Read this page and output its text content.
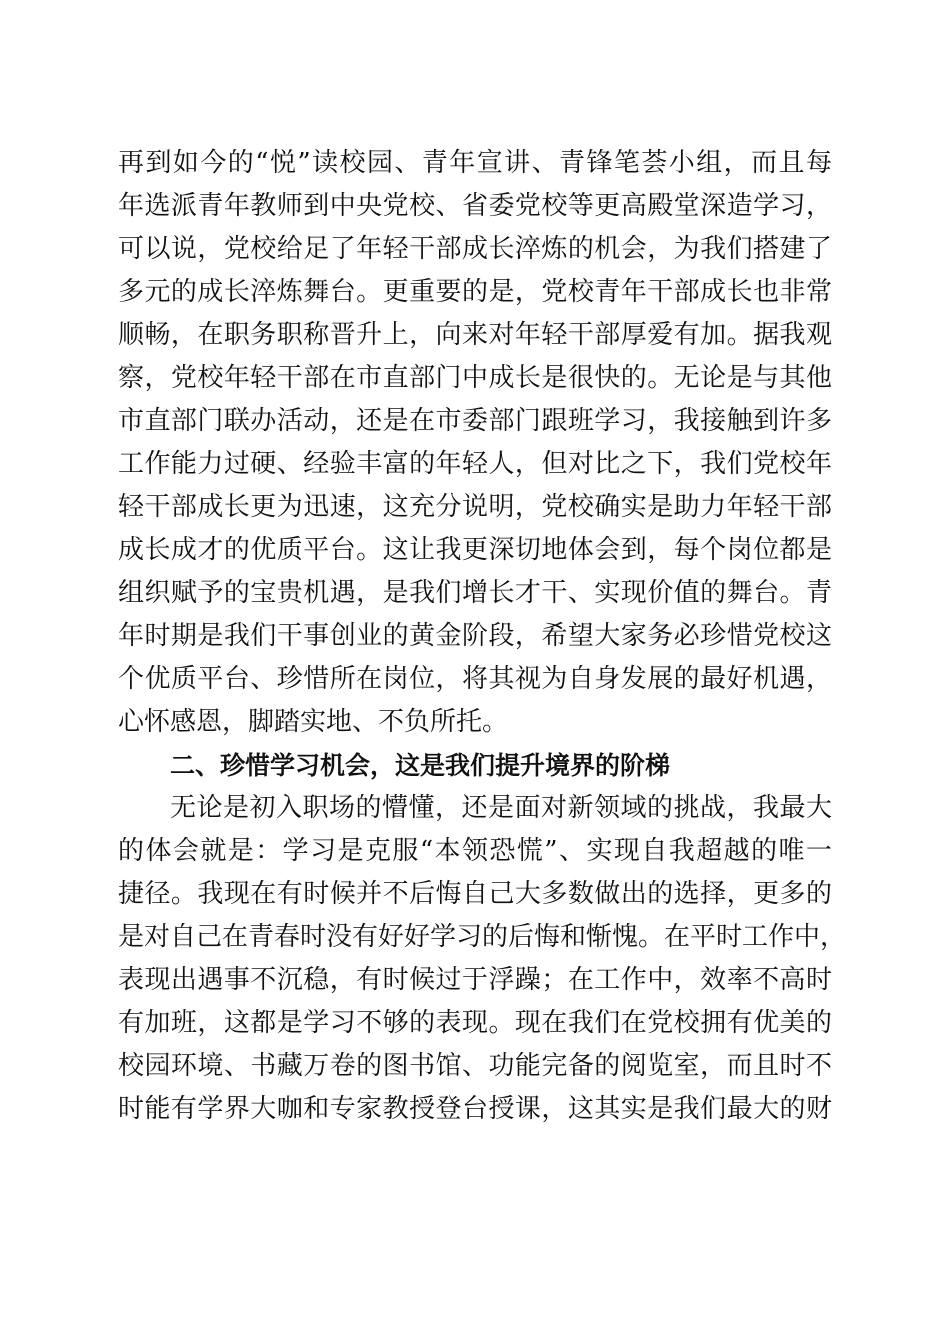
再到如今的“悦”读校园、青年宣讲、青锋笔荟小组，而且每
年选派青年教师到中央党校、省委党校等更高殿堂深造学习，
可以说，党校给足了年轻干部成长淬炼的机会，为我们搭建了
多元的成长淬炼舞台。更重要的是，党校青年干部成长也非常
顺畅，在职务职称晋升上，向来对年轻干部厚爱有加。据我观
察，党校年轻干部在市直部门中成长是很快的。无论是与其他
市直部门联办活动，还是在市委部门跟班学习，我接触到许多
工作能力过硬、经验丰富的年轻人，但对比之下，我们党校年
轻干部成长更为迅速，这充分说明，党校确实是助力年轻干部
成长成才的优质平台。这让我更深切地体会到，每个岗位都是
组织赋予的宝贵机遇，是我们增长才干、实现价值的舞台。青
年时期是我们干事创业的黄金阶段，希望大家务必珍惜党校这
个优质平台、珍惜所在岗位，将其视为自身发展的最好机遇，
心怀感恩，脚踏实地、不负所托。
二、珍惜学习机会，这是我们提升境界的阶梯
无论是初入职场的懵懂，还是面对新领域的挑战，我最大
的体会就是：学习是克服“本领恐慌”、实现自我超越的唯一
捷径。我现在有时候并不后悔自己大多数做出的选择，更多的
是对自己在青春时没有好好学习的后悔和惭愧。在平时工作中，
表现出遇事不沉稳，有时候过于浮躁；在工作中，效率不高时
有加班，这都是学习不够的表现。现在我们在党校拥有优美的
校园环境、书藏万卷的图书馆、功能完备的阅览室，而且时不
时能有学界大咖和专家教授登台授课，这其实是我们最大的财
